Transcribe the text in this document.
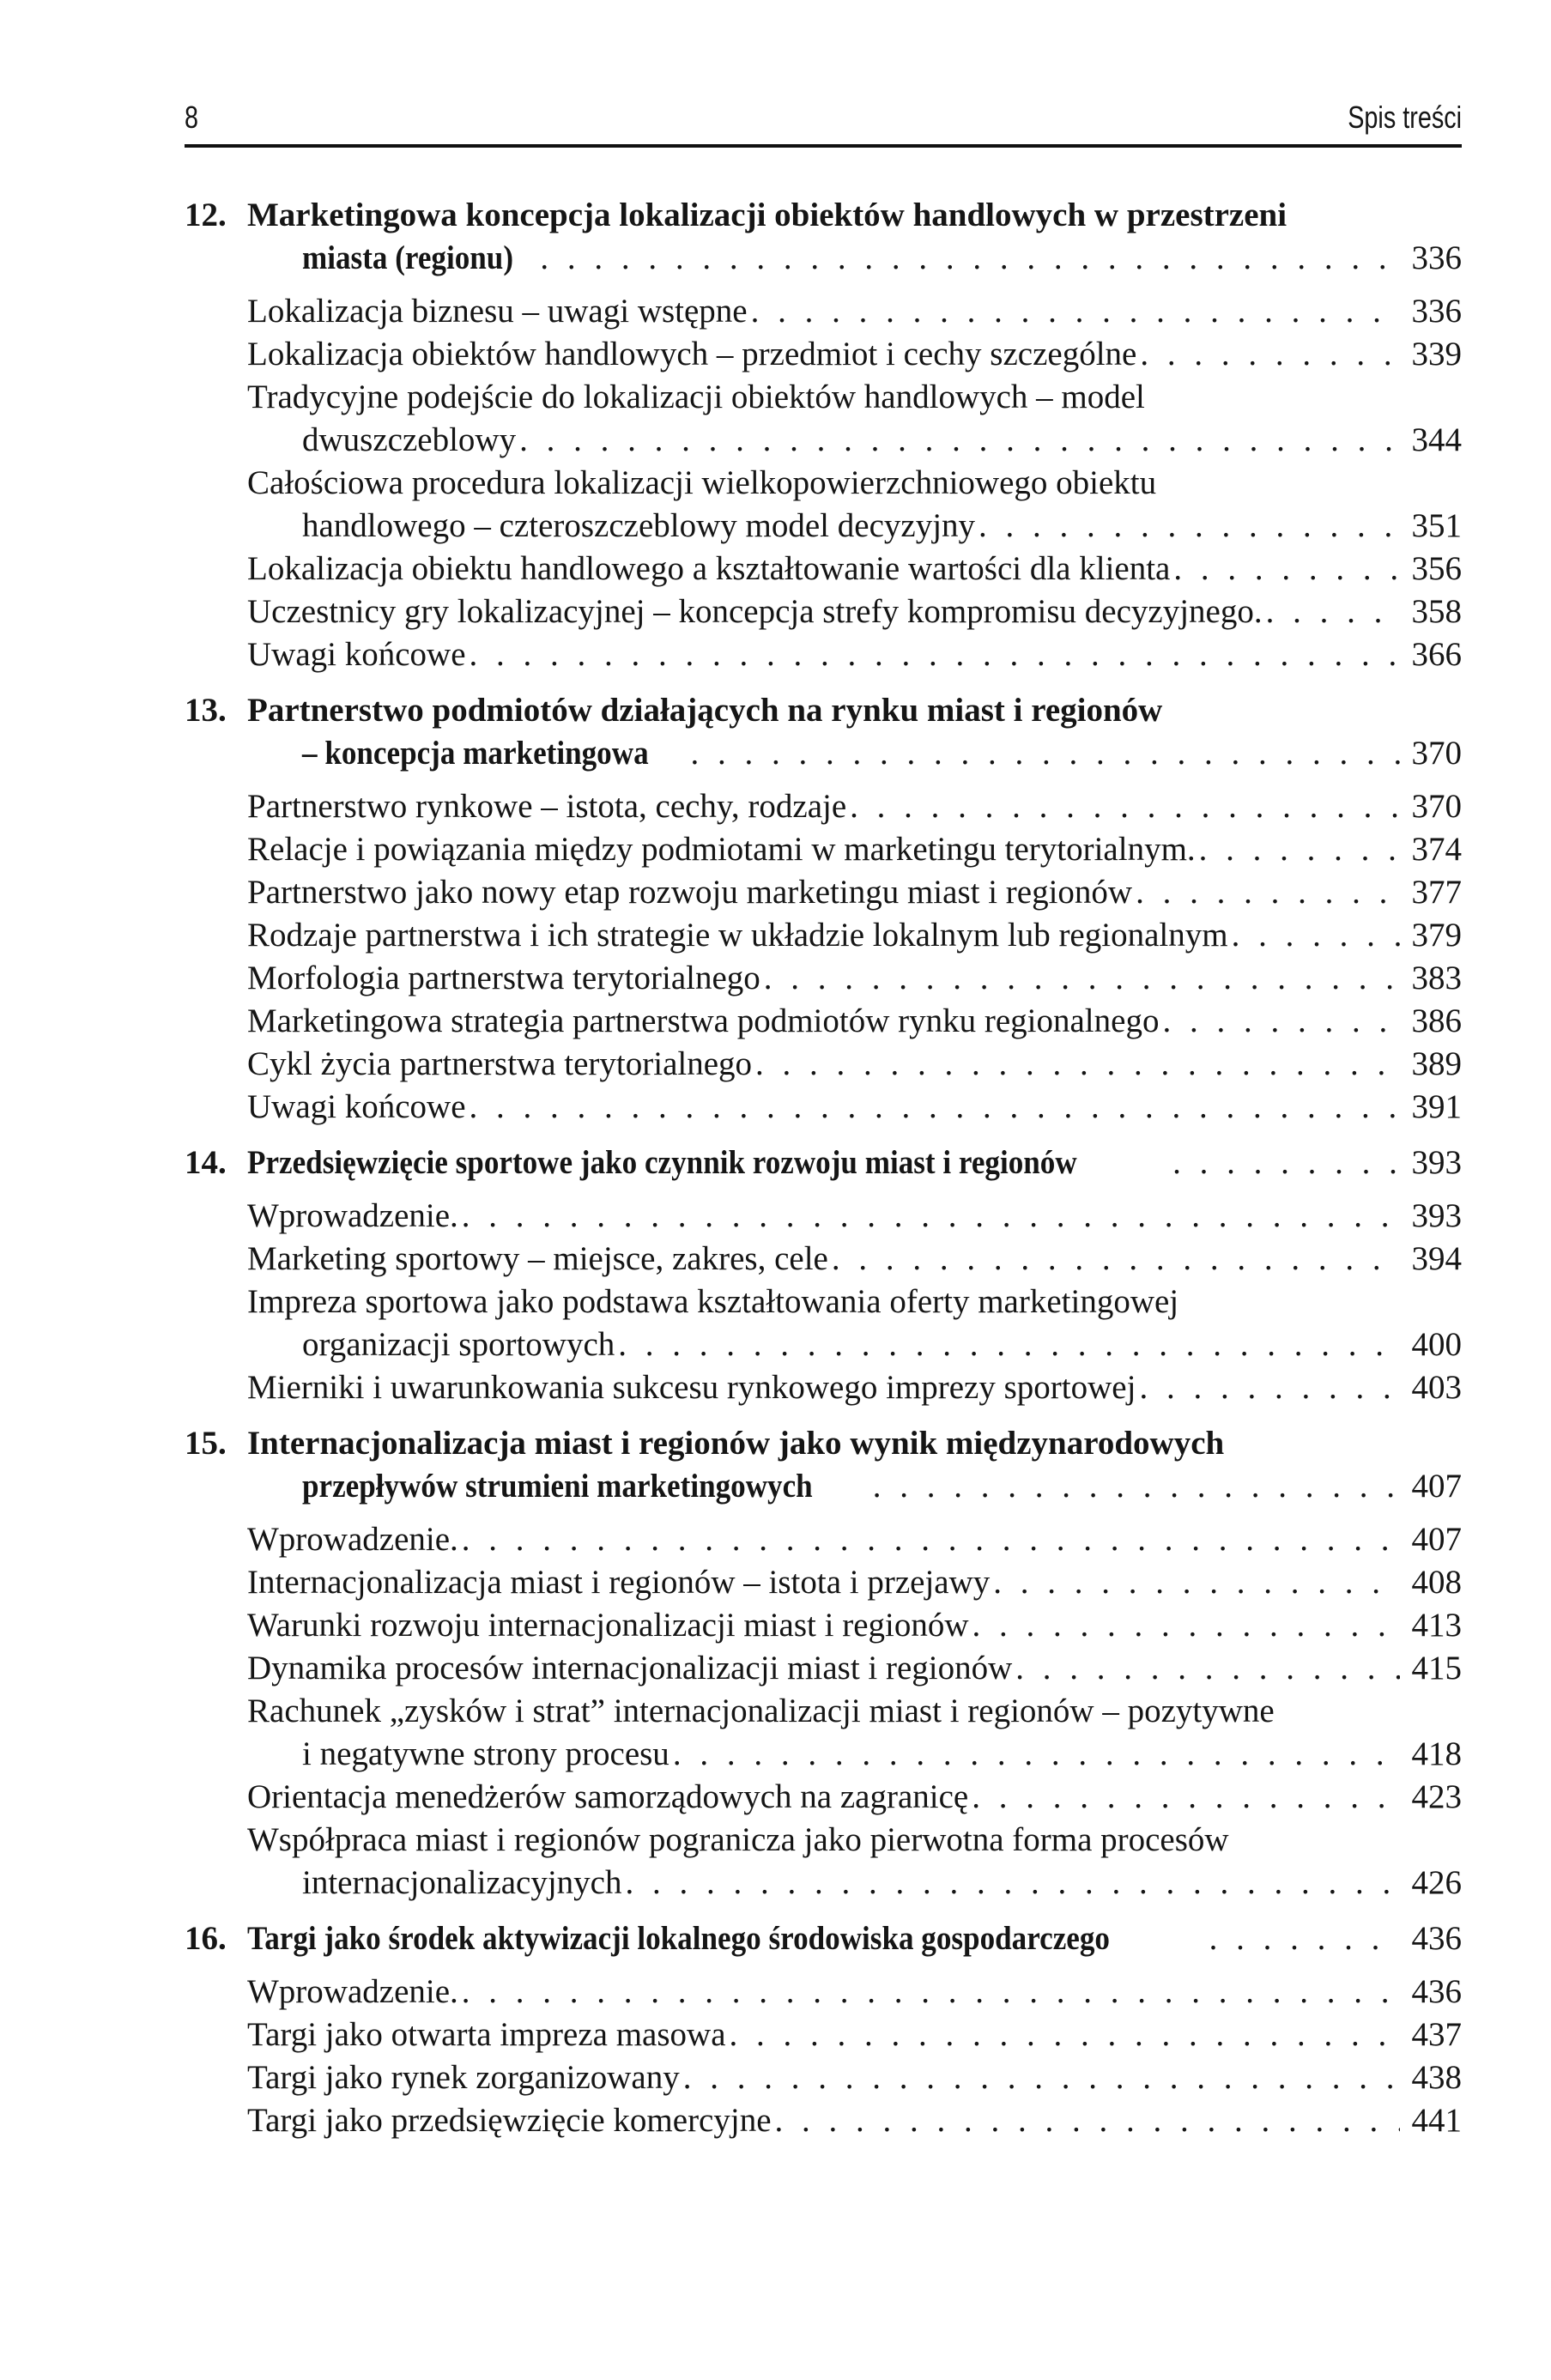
8	Spis treści
12. Marketingowa koncepcja lokalizacji obiektów handlowych w przestrzeni
miasta (regionu) . . .	336
Lokalizacja biznesu – uwagi wstępne . . .	336
Lokalizacja obiektów handlowych – przedmiot i cechy szczególne . . .	339
Tradycyjne podejście do lokalizacji obiektów handlowych – model
dwuszczeblowy . . .	344
Całościowa procedura lokalizacji wielkopowierzchniowego obiektu
handlowego – czteroszczeblowy model decyzyjny . . .	351
Lokalizacja obiektu handlowego a kształtowanie wartości dla klienta . . .	356
Uczestnicy gry lokalizacyjnej – koncepcja strefy kompromisu decyzyjnego. . . .	358
Uwagi końcowe . . .	366
13. Partnerstwo podmiotów działających na rynku miast i regionów
– koncepcja marketingowa . . .	370
Partnerstwo rynkowe – istota, cechy, rodzaje . . .	370
Relacje i powiązania między podmiotami w marketingu terytorialnym. . . .	374
Partnerstwo jako nowy etap rozwoju marketingu miast i regionów . . .	377
Rodzaje partnerstwa i ich strategie w układzie lokalnym lub regionalnym . . .	379
Morfologia partnerstwa terytorialnego . . .	383
Marketingowa strategia partnerstwa podmiotów rynku regionalnego . . .	386
Cykl życia partnerstwa terytorialnego . . .	389
Uwagi końcowe . . .	391
14. Przedsięwzięcie sportowe jako czynnik rozwoju miast i regionów . . .	393
Wprowadzenie. . . .	393
Marketing sportowy – miejsce, zakres, cele . . .	394
Impreza sportowa jako podstawa kształtowania oferty marketingowej
organizacji sportowych . . .	400
Mierniki i uwarunkowania sukcesu rynkowego imprezy sportowej . . .	403
15. Internacjonalizacja miast i regionów jako wynik międzynarodowych
przepływów strumieni marketingowych . . .	407
Wprowadzenie. . . .	407
Internacjonalizacja miast i regionów – istota i przejawy . . .	408
Warunki rozwoju internacjonalizacji miast i regionów . . .	413
Dynamika procesów internacjonalizacji miast i regionów . . .	415
Rachunek „zysków i strat” internacjonalizacji miast i regionów – pozytywne
i negatywne strony procesu . . .	418
Orientacja menedżerów samorządowych na zagranicę . . .	423
Współpraca miast i regionów pogranicza jako pierwotna forma procesów
internacjonalizacyjnych . . .	426
16. Targi jako środek aktywizacji lokalnego środowiska gospodarczego . . .	436
Wprowadzenie. . . .	436
Targi jako otwarta impreza masowa . . .	437
Targi jako rynek zorganizowany . . .	438
Targi jako przedsięwzięcie komercyjne . . .	441
